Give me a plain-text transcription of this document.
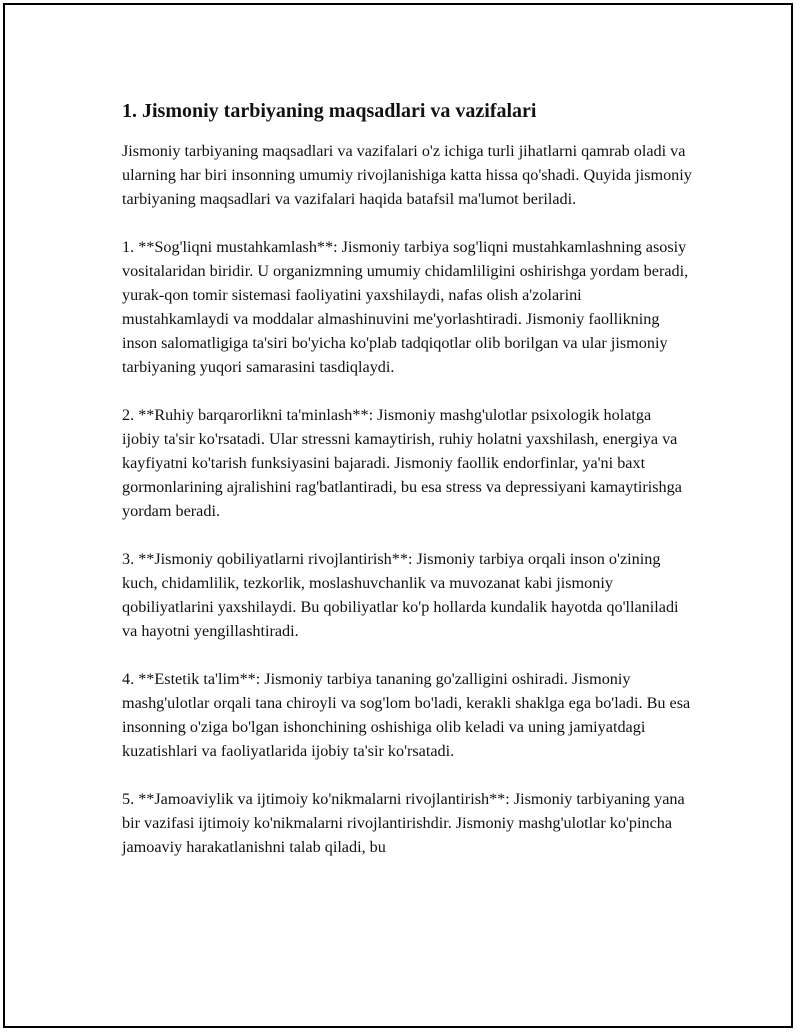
1. Jismoniy tarbiyaning maqsadlari va vazifalari

Jismoniy tarbiyaning maqsadlari va vazifalari o'z ichiga turli jihatlarni qamrab oladi va ularning har biri insonning umumiy rivojlanishiga katta hissa qo'shadi. Quyida jismoniy tarbiyaning maqsadlari va vazifalari haqida batafsil ma'lumot beriladi.

1. **Sog'liqni mustahkamlash**: Jismoniy tarbiya sog'liqni mustahkamlashning asosiy vositalaridan biridir. U organizmning umumiy chidamliligini oshirishga yordam beradi, yurak-qon tomir sistemasi faoliyatini yaxshilaydi, nafas olish a'zolarini mustahkamlaydi va moddalar almashinuvini me'yorlashtiradi. Jismoniy faollikning inson salomatligiga ta'siri bo'yicha ko'plab tadqiqotlar olib borilgan va ular jismoniy tarbiyaning yuqori samarasini tasdiqlaydi.

2. **Ruhiy barqarorlikni ta'minlash**: Jismoniy mashg'ulotlar psixologik holatga ijobiy ta'sir ko'rsatadi. Ular stressni kamaytirish, ruhiy holatni yaxshilash, energiya va kayfiyatni ko'tarish funksiyasini bajaradi. Jismoniy faollik endorfinlar, ya'ni baxt gormonlarining ajralishini rag'batlantiradi, bu esa stress va depressiyani kamaytirishga yordam beradi.

3. **Jismoniy qobiliyatlarni rivojlantirish**: Jismoniy tarbiya orqali inson o'zining kuch, chidamlilik, tezkorlik, moslashuvchanlik va muvozanat kabi jismoniy qobiliyatlarini yaxshilaydi. Bu qobiliyatlar ko'p hollarda kundalik hayotda qo'llaniladi va hayotni yengillashtiradi.

4. **Estetik ta'lim**: Jismoniy tarbiya tananing go'zalligini oshiradi. Jismoniy mashg'ulotlar orqali tana chiroyli va sog'lom bo'ladi, kerakli shaklga ega bo'ladi. Bu esa insonning o'ziga bo'lgan ishonchining oshishiga olib keladi va uning jamiyatdagi kuzatishlari va faoliyatlarida ijobiy ta'sir ko'rsatadi.

5. **Jamoaviylik va ijtimoiy ko'nikmalarni rivojlantirish**: Jismoniy tarbiyaning yana bir vazifasi ijtimoiy ko'nikmalarni rivojlantirishdir. Jismoniy mashg'ulotlar ko'pincha jamoaviy harakatlanishni talab qiladi, bu
